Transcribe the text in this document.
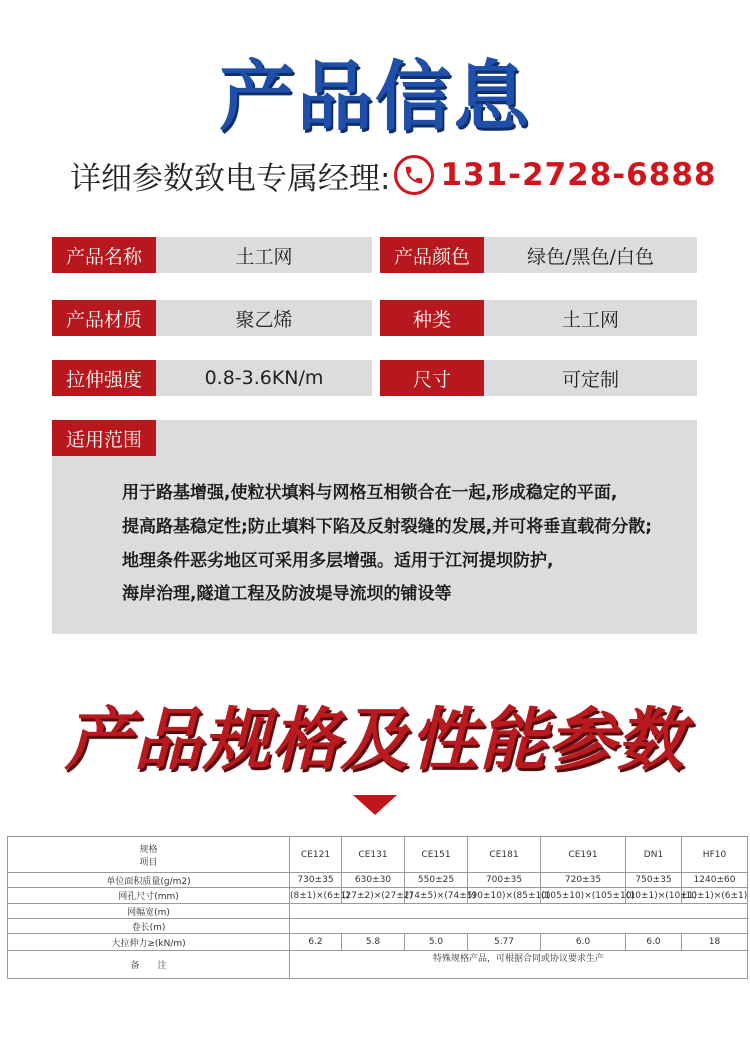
产品信息
详细参数致电专属经理: 131-2728-6888
产品名称	土工网	产品颜色	绿色/黑色/白色
产品材质	聚乙烯	种类	土工网
拉伸强度	0.8-3.6KN/m	尺寸	可定制
适用范围
用于路基增强,使粒状填料与网格互相锁合在一起,形成稳定的平面,
提高路基稳定性;防止填料下陷及反射裂缝的发展,并可将垂直载荷分散;
地理条件恶劣地区可采用多层增强。适用于江河提坝防护,
海岸治理,隧道工程及防波堤导流坝的铺设等
产品规格及性能参数
规格
项目	CE121	CE131	CE151	CE181	CE191	DN1	HF10
单位面积质量(g/m2)	730±35	630±30	550±25	700±35	720±35	750±35	1240±60
网孔尺寸(mm)	(8±1)×(6±1)	(27±2)×(27±2)	(74±5)×(74±5)	(90±10)×(85±10)	(105±10)×(105±10)	(10±1)×(10±1)	(10±1)×(6±1)
网幅宽(m)							
卷长(m)							
大拉伸力≥(kN/m)	6.2	5.8	5.0	5.77	6.0	6.0	18
备　　注	特殊规格产品，可根据合同或协议要求生产						
